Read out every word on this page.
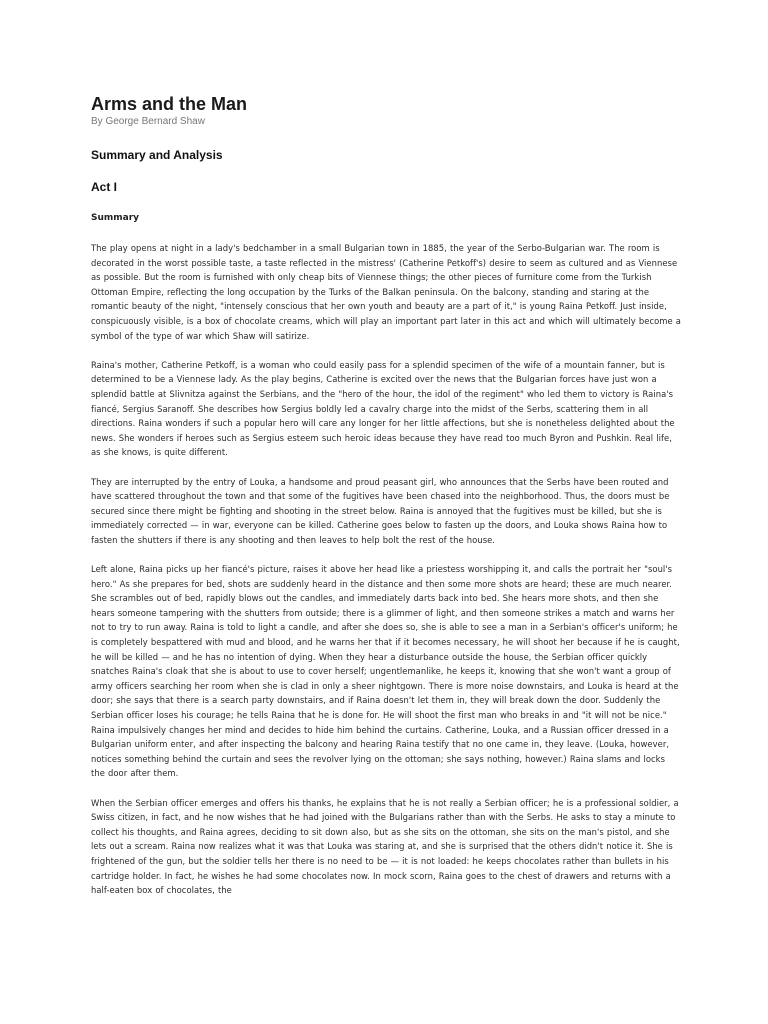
Arms and the Man
By George Bernard Shaw
Summary and Analysis
Act I
Summary

The play opens at night in a lady's bedchamber in a small Bulgarian town in 1885, the year of the Serbo-Bulgarian war. The room is decorated in the worst possible taste, a taste reflected in the mistress' (Catherine Petkoff's) desire to seem as cultured and as Viennese as possible. But the room is furnished with only cheap bits of Viennese things; the other pieces of furniture come from the Turkish Ottoman Empire, reflecting the long occupation by the Turks of the Balkan peninsula. On the balcony, standing and staring at the romantic beauty of the night, "intensely conscious that her own youth and beauty are a part of it," is young Raina Petkoff. Just inside, conspicuously visible, is a box of chocolate creams, which will play an important part later in this act and which will ultimately become a symbol of the type of war which Shaw will satirize.

Raina's mother, Catherine Petkoff, is a woman who could easily pass for a splendid specimen of the wife of a mountain fanner, but is determined to be a Viennese lady. As the play begins, Catherine is excited over the news that the Bulgarian forces have just won a splendid battle at Slivnitza against the Serbians, and the "hero of the hour, the idol of the regiment" who led them to victory is Raina's fiancé, Sergius Saranoff. She describes how Sergius boldly led a cavalry charge into the midst of the Serbs, scattering them in all directions. Raina wonders if such a popular hero will care any longer for her little affections, but she is nonetheless delighted about the news. She wonders if heroes such as Sergius esteem such heroic ideas because they have read too much Byron and Pushkin. Real life, as she knows, is quite different.

They are interrupted by the entry of Louka, a handsome and proud peasant girl, who announces that the Serbs have been routed and have scattered throughout the town and that some of the fugitives have been chased into the neighborhood. Thus, the doors must be secured since there might be fighting and shooting in the street below. Raina is annoyed that the fugitives must be killed, but she is immediately corrected — in war, everyone can be killed. Catherine goes below to fasten up the doors, and Louka shows Raina how to fasten the shutters if there is any shooting and then leaves to help bolt the rest of the house.

Left alone, Raina picks up her fiancé's picture, raises it above her head like a priestess worshipping it, and calls the portrait her "soul's hero." As she prepares for bed, shots are suddenly heard in the distance and then some more shots are heard; these are much nearer. She scrambles out of bed, rapidly blows out the candles, and immediately darts back into bed. She hears more shots, and then she hears someone tampering with the shutters from outside; there is a glimmer of light, and then someone strikes a match and warns her not to try to run away. Raina is told to light a candle, and after she does so, she is able to see a man in a Serbian's officer's uniform; he is completely bespattered with mud and blood, and he warns her that if it becomes necessary, he will shoot her because if he is caught, he will be killed — and he has no intention of dying. When they hear a disturbance outside the house, the Serbian officer quickly snatches Raina's cloak that she is about to use to cover herself; ungentlemanlike, he keeps it, knowing that she won't want a group of army officers searching her room when she is clad in only a sheer nightgown. There is more noise downstairs, and Louka is heard at the door; she says that there is a search party downstairs, and if Raina doesn't let them in, they will break down the door. Suddenly the Serbian officer loses his courage; he tells Raina that he is done for. He will shoot the first man who breaks in and "it will not be nice." Raina impulsively changes her mind and decides to hide him behind the curtains. Catherine, Louka, and a Russian officer dressed in a Bulgarian uniform enter, and after inspecting the balcony and hearing Raina testify that no one came in, they leave. (Louka, however, notices something behind the curtain and sees the revolver lying on the ottoman; she says nothing, however.) Raina slams and locks the door after them.

When the Serbian officer emerges and offers his thanks, he explains that he is not really a Serbian officer; he is a professional soldier, a Swiss citizen, in fact, and he now wishes that he had joined with the Bulgarians rather than with the Serbs. He asks to stay a minute to collect his thoughts, and Raina agrees, deciding to sit down also, but as she sits on the ottoman, she sits on the man's pistol, and she lets out a scream. Raina now realizes what it was that Louka was staring at, and she is surprised that the others didn't notice it. She is frightened of the gun, but the soldier tells her there is no need to be — it is not loaded: he keeps chocolates rather than bullets in his cartridge holder. In fact, he wishes he had some chocolates now. In mock scorn, Raina goes to the chest of drawers and returns with a half-eaten box of chocolates, the
